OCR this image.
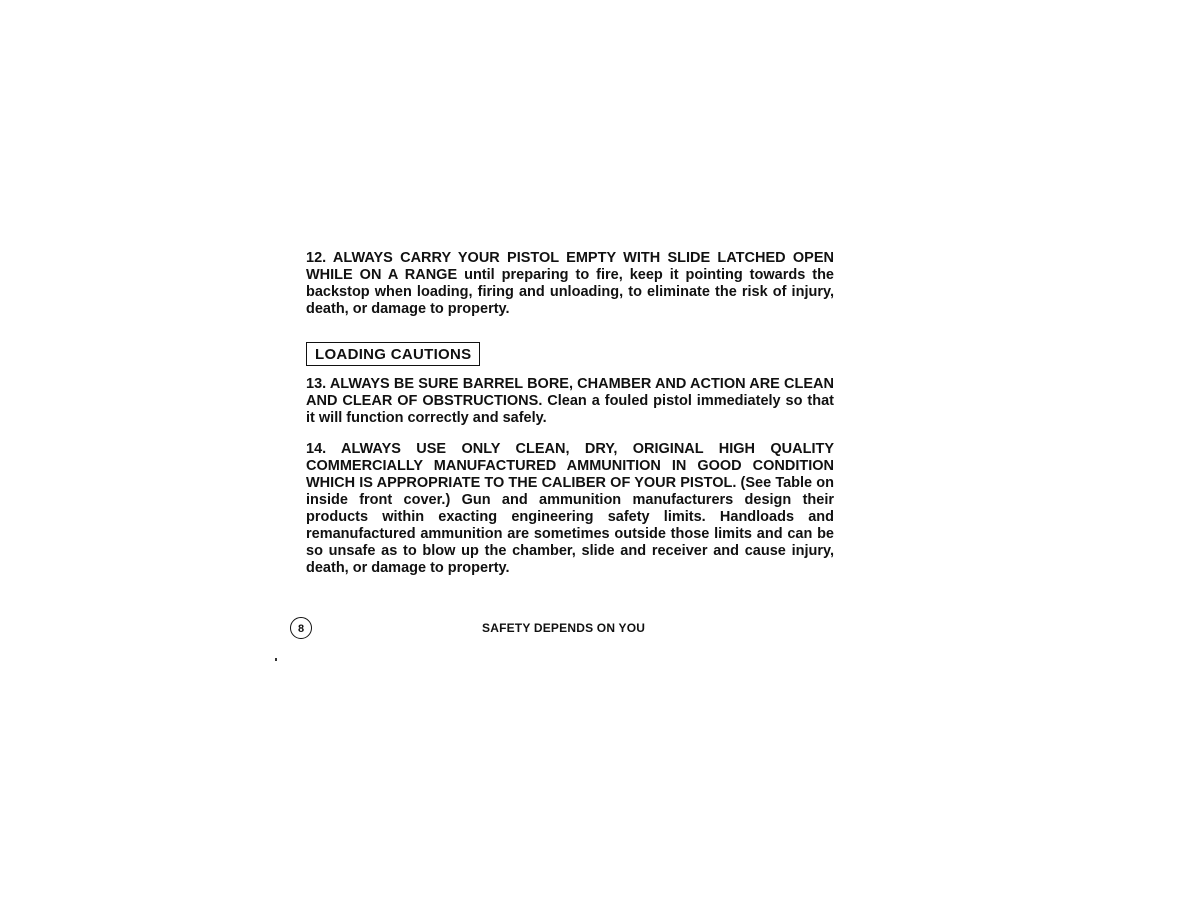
12. ALWAYS CARRY YOUR PISTOL EMPTY WITH SLIDE LATCHED OPEN WHILE ON A RANGE until preparing to fire, keep it pointing towards the backstop when loading, firing and unloading, to eliminate the risk of injury, death, or damage to property.

LOADING CAUTIONS

13. ALWAYS BE SURE BARREL BORE, CHAMBER AND ACTION ARE CLEAN AND CLEAR OF OBSTRUCTIONS. Clean a fouled pistol immediately so that it will function correctly and safely.

14. ALWAYS USE ONLY CLEAN, DRY, ORIGINAL HIGH QUALITY COMMERCIALLY MANUFACTURED AMMUNITION IN GOOD CONDITION WHICH IS APPROPRIATE TO THE CALIBER OF YOUR PISTOL. (See Table on inside front cover.) Gun and ammunition manufacturers design their products within exacting engineering safety limits. Handloads and remanufactured ammunition are sometimes outside those limits and can be so unsafe as to blow up the chamber, slide and receiver and cause injury, death, or damage to property.

8	SAFETY DEPENDS ON YOU
